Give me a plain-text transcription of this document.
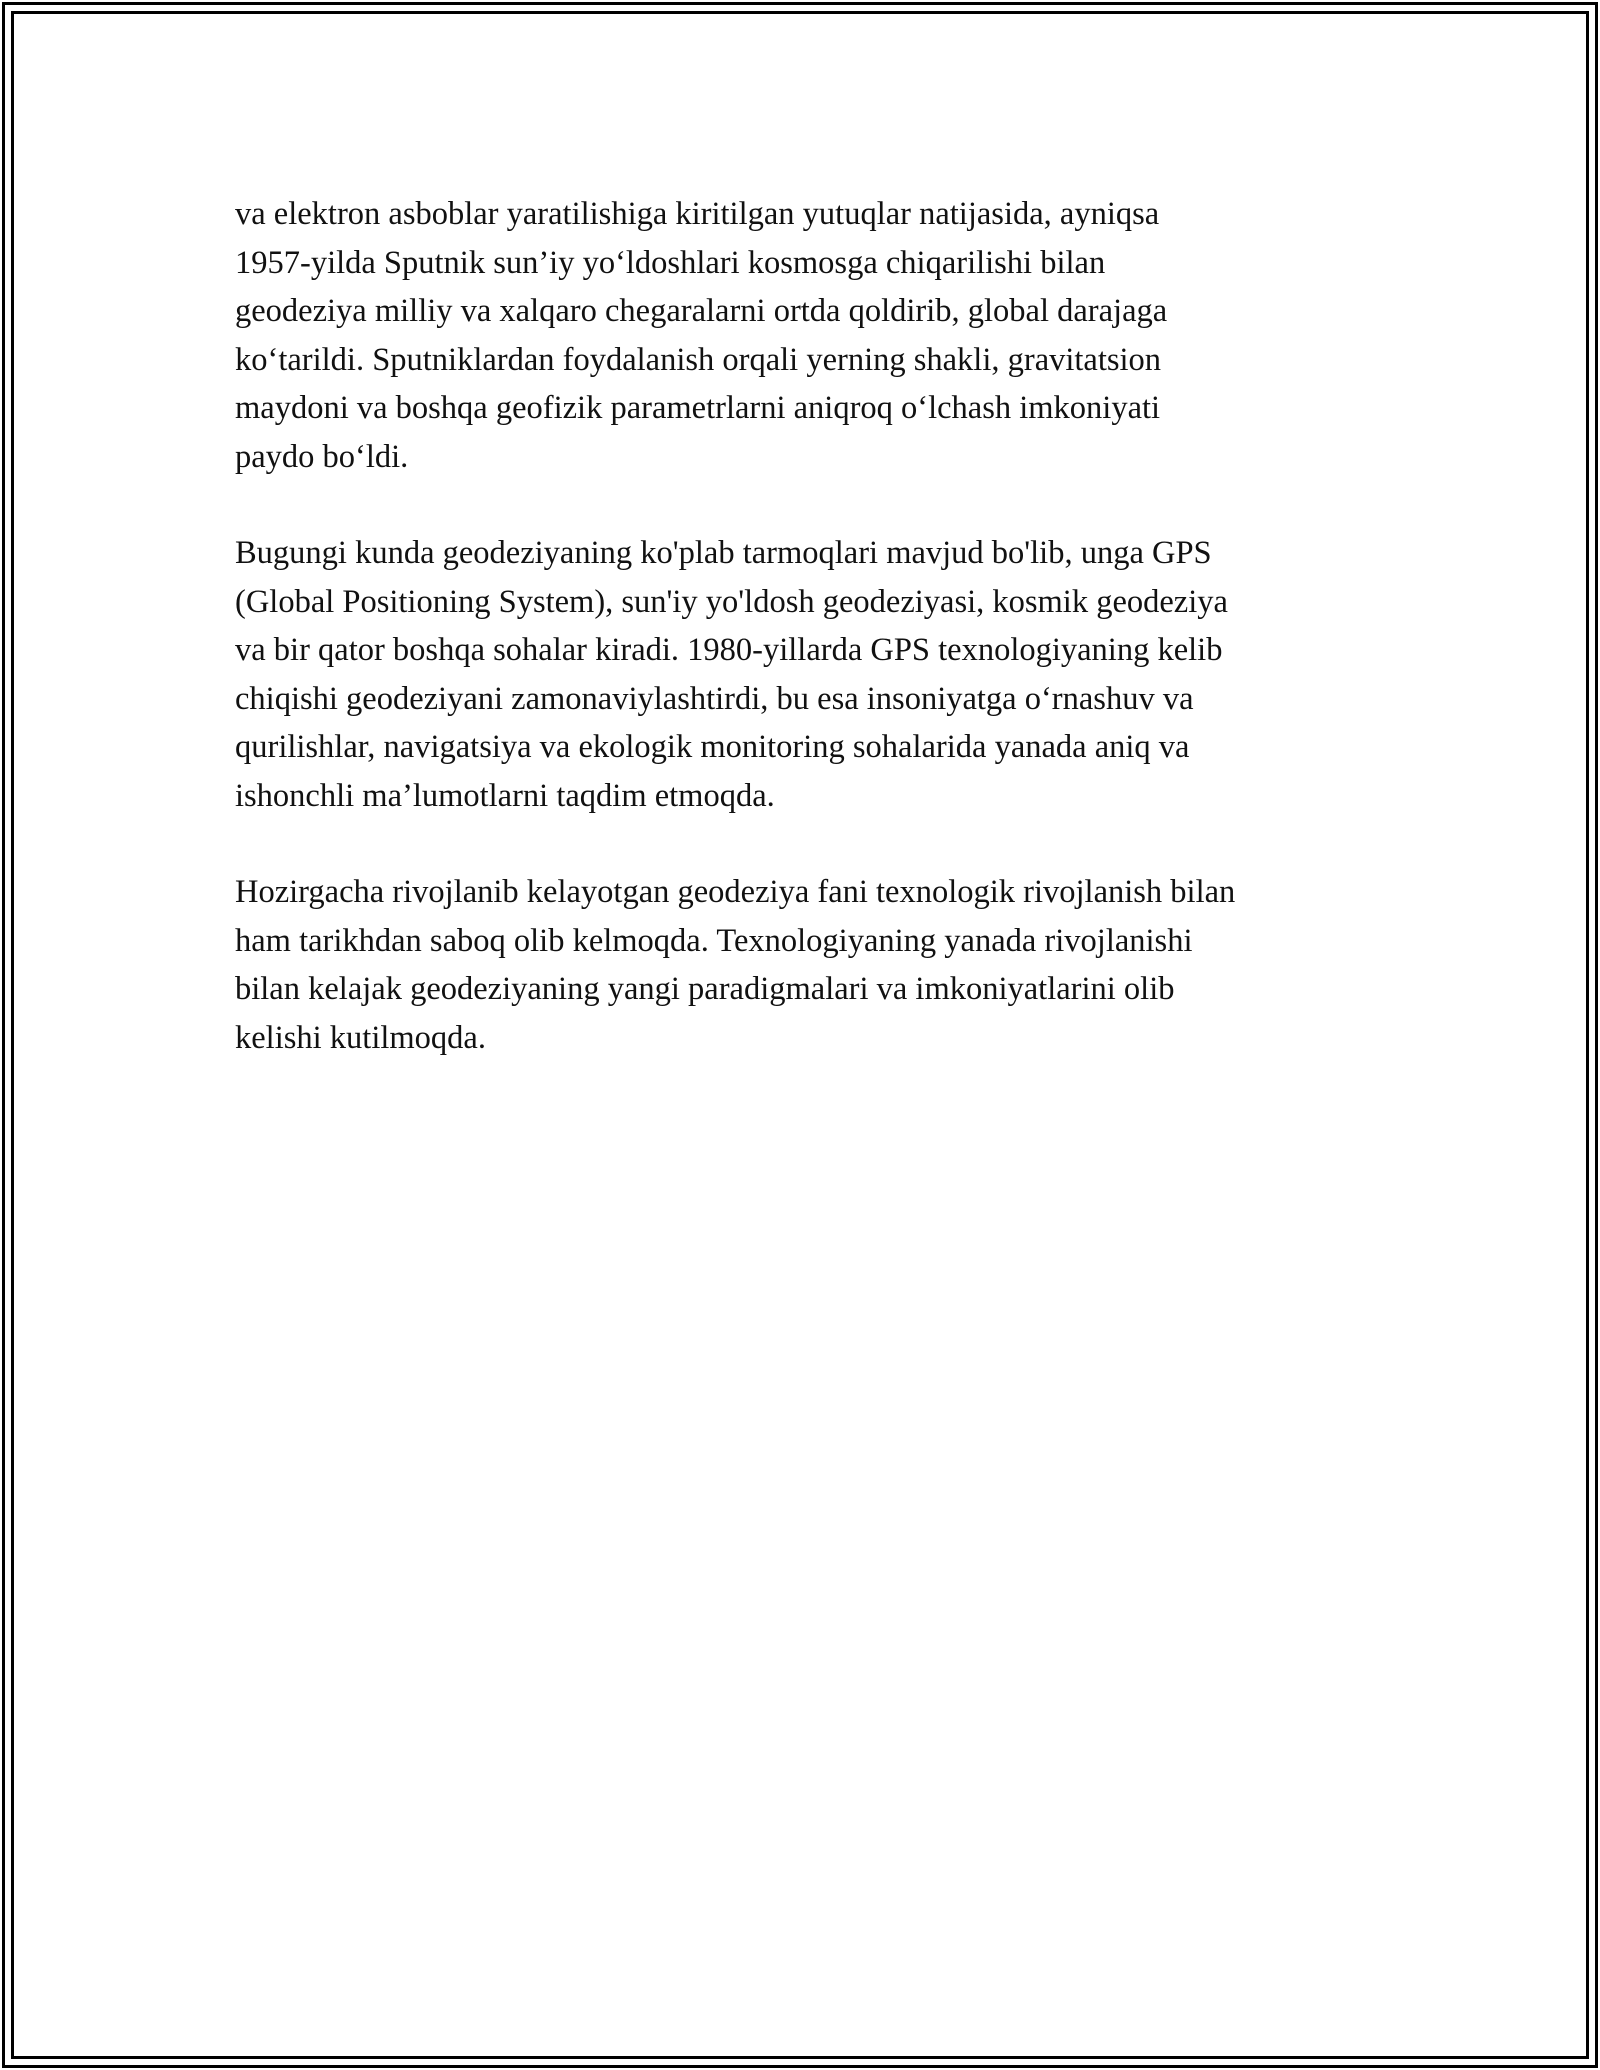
va elektron asboblar yaratilishiga kiritilgan yutuqlar natijasida, ayniqsa
1957-yilda Sputnik sun’iy yo‘ldoshlari kosmosga chiqarilishi bilan
geodeziya milliy va xalqaro chegaralarni ortda qoldirib, global darajaga
ko‘tarildi. Sputniklardan foydalanish orqali yerning shakli, gravitatsion
maydoni va boshqa geofizik parametrlarni aniqroq o‘lchash imkoniyati
paydo bo‘ldi.

Bugungi kunda geodeziyaning ko'plab tarmoqlari mavjud bo'lib, unga GPS
(Global Positioning System), sun'iy yo'ldosh geodeziyasi, kosmik geodeziya
va bir qator boshqa sohalar kiradi. 1980-yillarda GPS texnologiyaning kelib
chiqishi geodeziyani zamonaviylashtirdi, bu esa insoniyatga o‘rnashuv va
qurilishlar, navigatsiya va ekologik monitoring sohalarida yanada aniq va
ishonchli ma’lumotlarni taqdim etmoqda.

Hozirgacha rivojlanib kelayotgan geodeziya fani texnologik rivojlanish bilan
ham tarikhdan saboq olib kelmoqda. Texnologiyaning yanada rivojlanishi
bilan kelajak geodeziyaning yangi paradigmalari va imkoniyatlarini olib
kelishi kutilmoqda.
